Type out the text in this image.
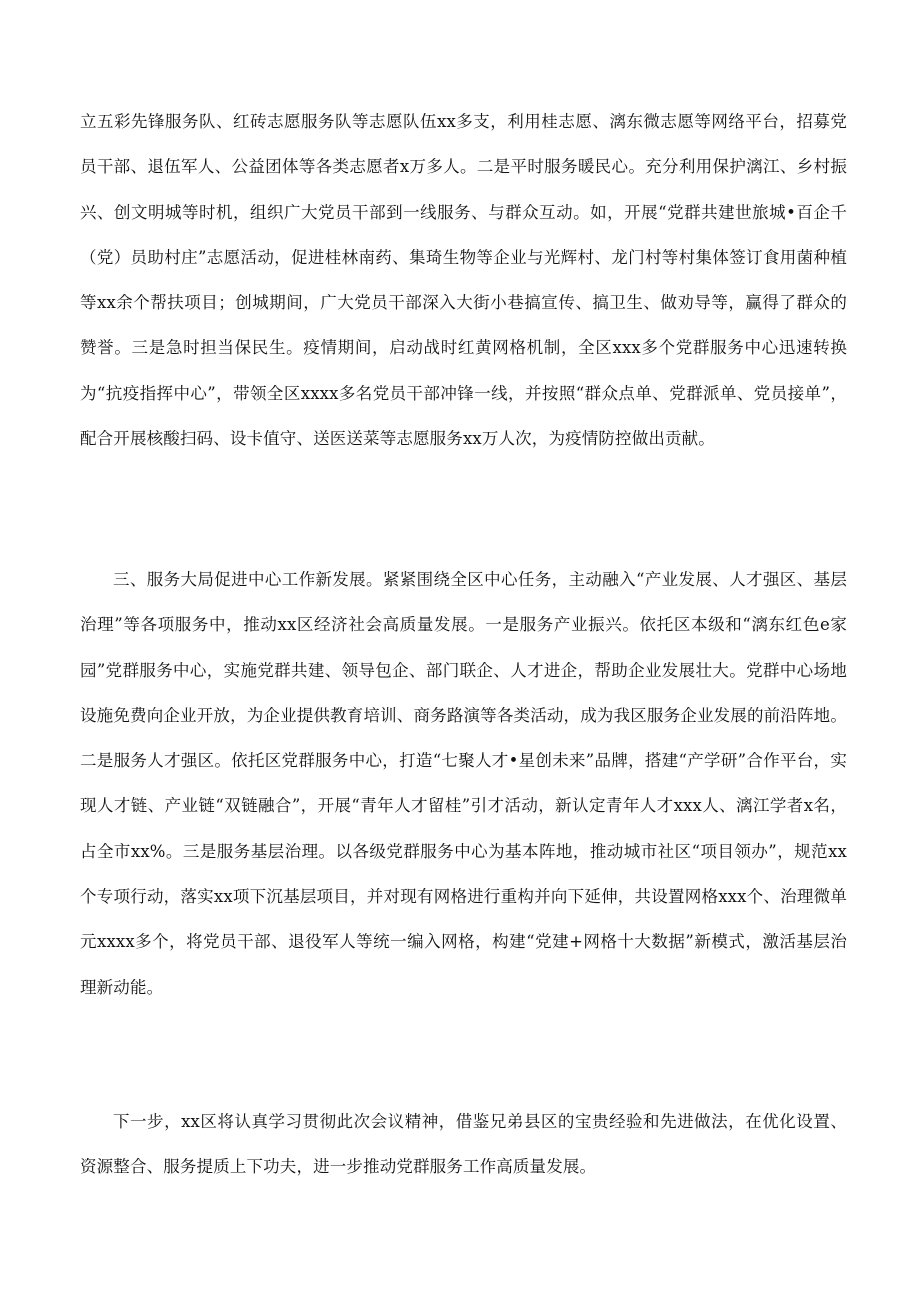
立五彩先锋服务队、红砖志愿服务队等志愿队伍xx多支，利用桂志愿、漓东微志愿等网络平台，招募党员干部、退伍军人、公益团体等各类志愿者x万多人。二是平时服务暖民心。充分利用保护漓江、乡村振兴、创文明城等时机，组织广大党员干部到一线服务、与群众互动。如，开展“党群共建世旅城•百企千（党）员助村庄”志愿活动，促进桂林南药、集琦生物等企业与光辉村、龙门村等村集体签订食用菌种植等xx余个帮扶项目；创城期间，广大党员干部深入大街小巷搞宣传、搞卫生、做劝导等，赢得了群众的赞誉。三是急时担当保民生。疫情期间，启动战时红黄网格机制，全区xxx多个党群服务中心迅速转换为“抗疫指挥中心”，带领全区xxxx多名党员干部冲锋一线，并按照“群众点单、党群派单、党员接单”，配合开展核酸扫码、设卡值守、送医送菜等志愿服务xx万人次，为疫情防控做出贡献。

三、服务大局促进中心工作新发展。紧紧围绕全区中心任务，主动融入“产业发展、人才强区、基层治理”等各项服务中，推动xx区经济社会高质量发展。一是服务产业振兴。依托区本级和“漓东红色e家园”党群服务中心，实施党群共建、领导包企、部门联企、人才进企，帮助企业发展壮大。党群中心场地设施免费向企业开放，为企业提供教育培训、商务路演等各类活动，成为我区服务企业发展的前沿阵地。二是服务人才强区。依托区党群服务中心，打造“七聚人才•星创未来”品牌，搭建“产学研”合作平台，实现人才链、产业链“双链融合”，开展“青年人才留桂”引才活动，新认定青年人才xxx人、漓江学者x名，占全市xx%。三是服务基层治理。以各级党群服务中心为基本阵地，推动城市社区“项目领办”，规范xx个专项行动，落实xx项下沉基层项目，并对现有网格进行重构并向下延伸，共设置网格xxx个、治理微单元xxxx多个，将党员干部、退役军人等统一编入网格，构建“党建+网格十大数据”新模式，激活基层治理新动能。

下一步，xx区将认真学习贯彻此次会议精神，借鉴兄弟县区的宝贵经验和先进做法，在优化设置、资源整合、服务提质上下功夫，进一步推动党群服务工作高质量发展。
